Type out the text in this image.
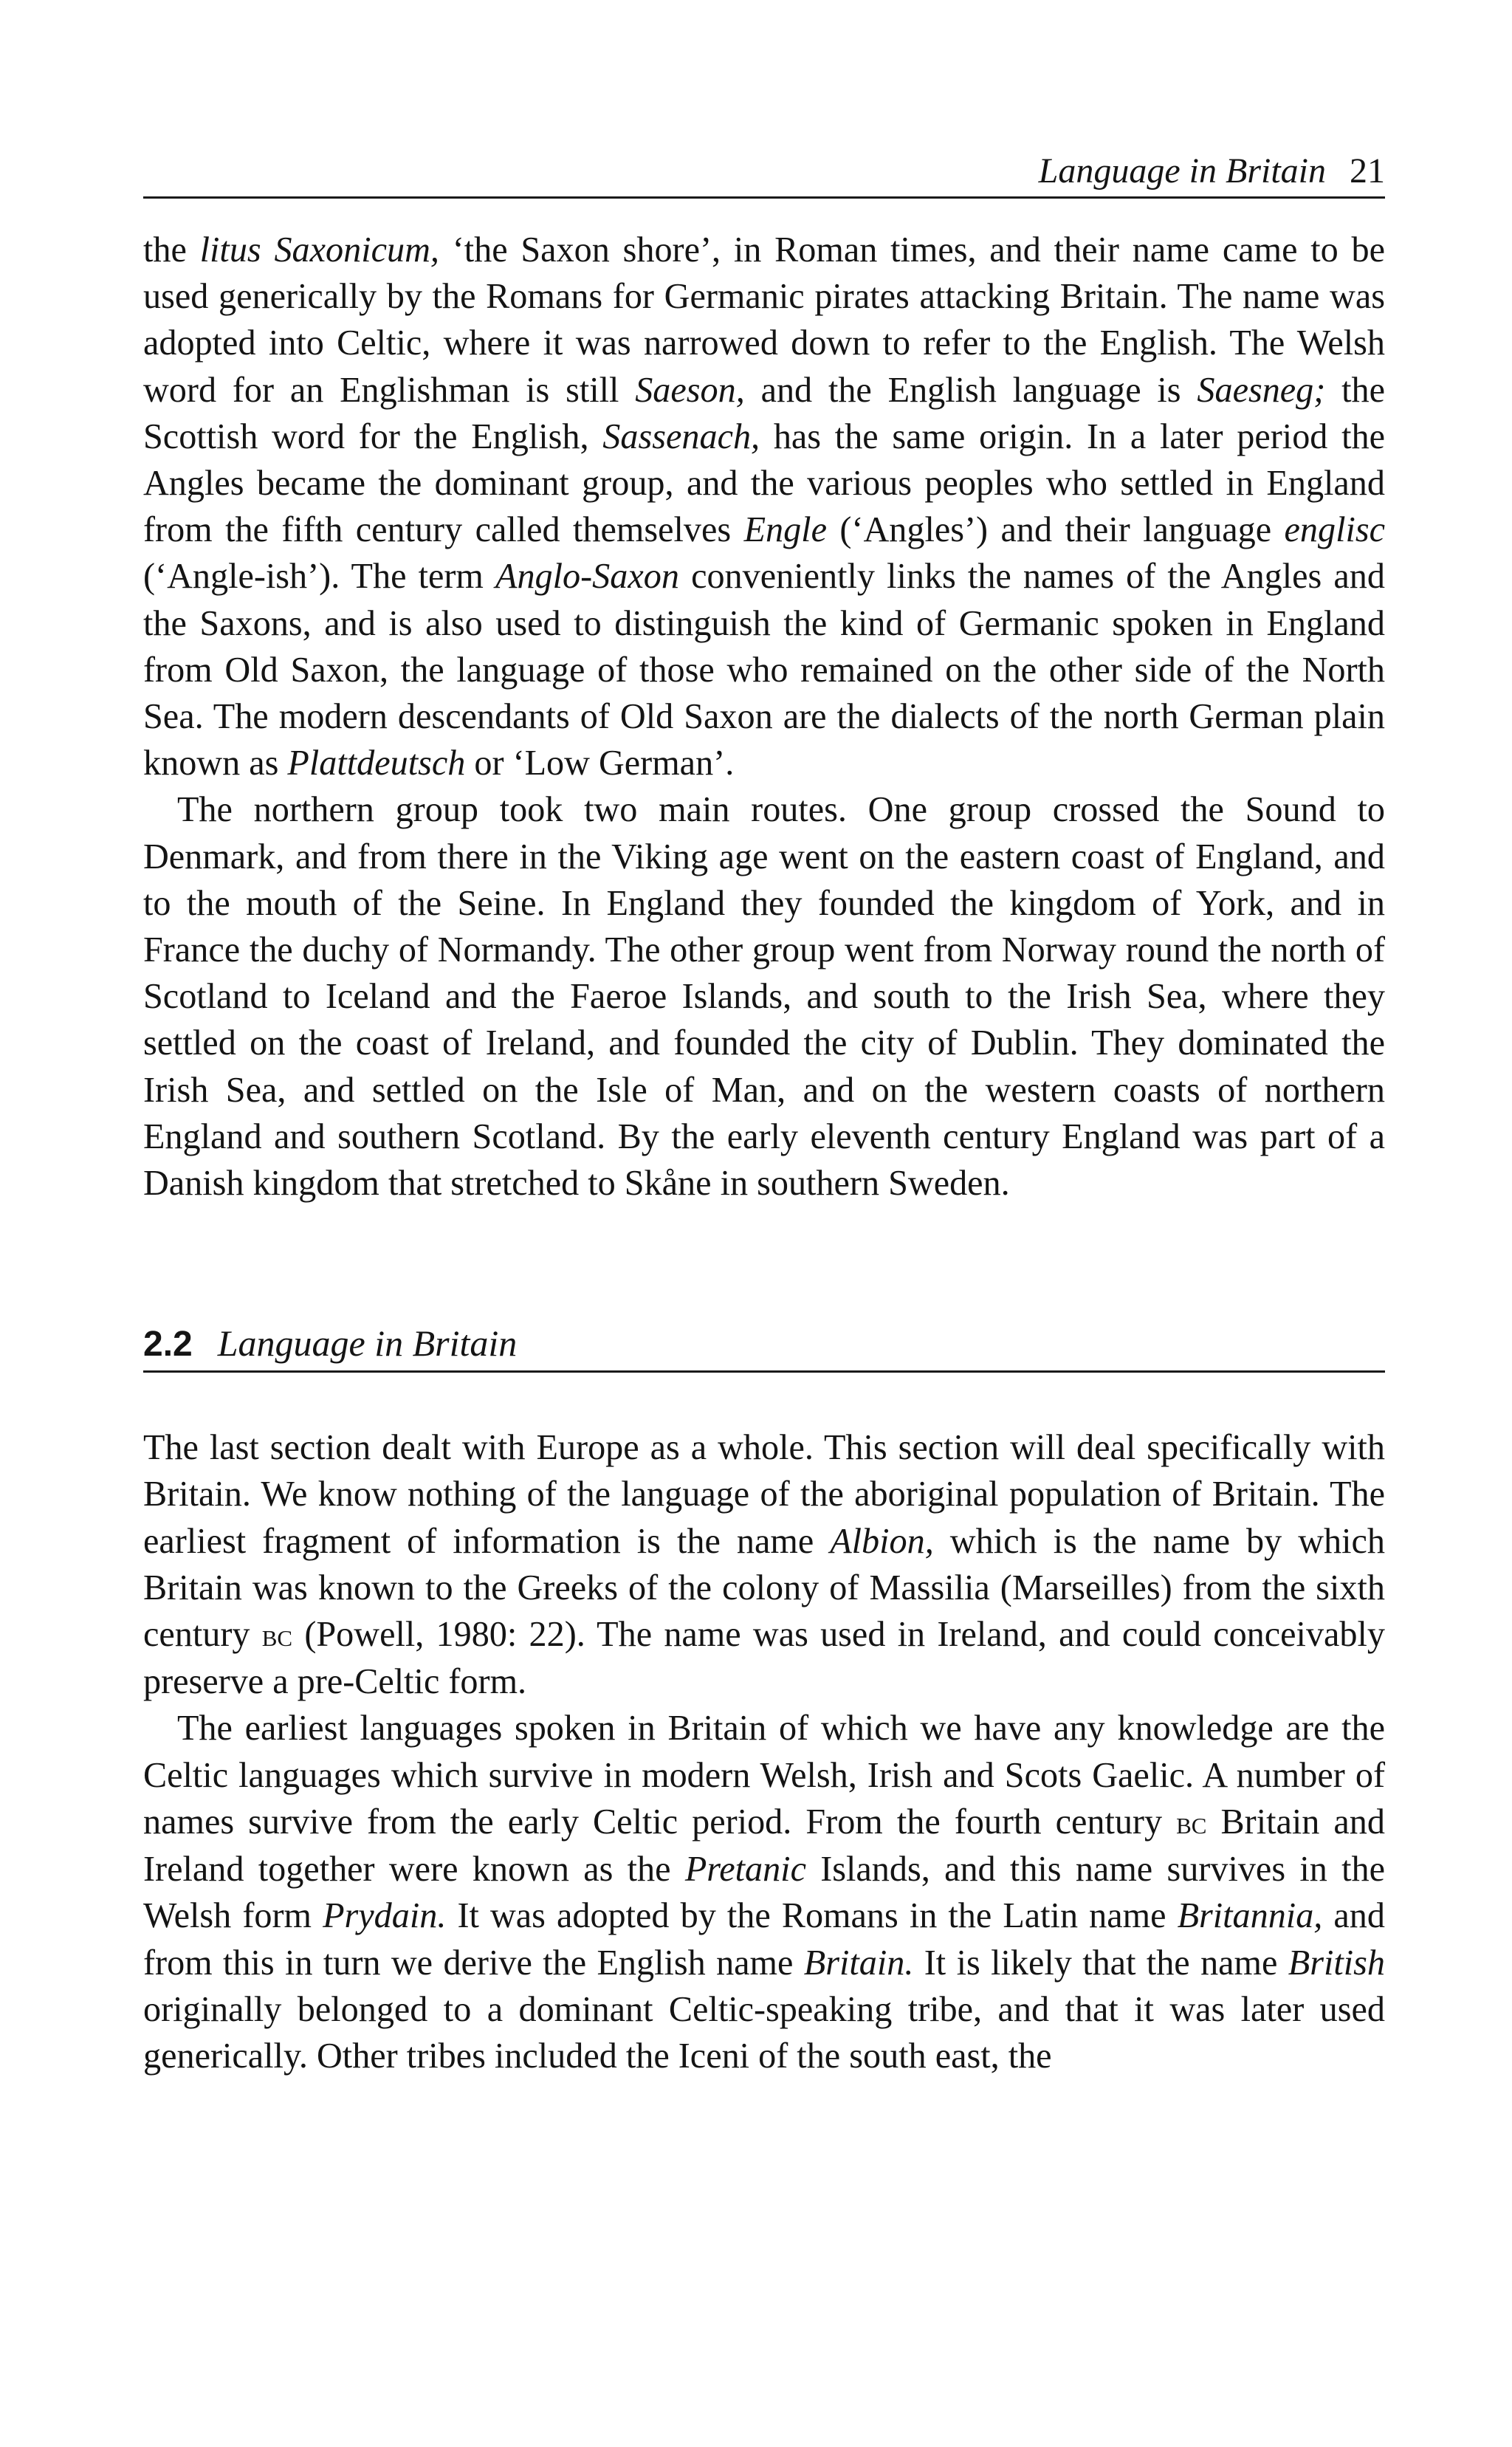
Language in Britain 21

the litus Saxonicum, ‘the Saxon shore’, in Roman times, and their name came to be used generically by the Romans for Germanic pirates attacking Britain. The name was adopted into Celtic, where it was narrowed down to refer to the English. The Welsh word for an Englishman is still Saeson, and the English language is Saesneg; the Scottish word for the English, Sassenach, has the same origin. In a later period the Angles became the dominant group, and the various peoples who settled in England from the fifth century called themselves Engle (‘Angles’) and their language englisc (‘Angle-ish’). The term Anglo-Saxon conveniently links the names of the Angles and the Saxons, and is also used to distinguish the kind of Germanic spoken in England from Old Saxon, the language of those who remained on the other side of the North Sea. The modern descendants of Old Saxon are the dialects of the north German plain known as Plattdeutsch or ‘Low German’.

The northern group took two main routes. One group crossed the Sound to Denmark, and from there in the Viking age went on the eastern coast of England, and to the mouth of the Seine. In England they founded the kingdom of York, and in France the duchy of Normandy. The other group went from Norway round the north of Scotland to Iceland and the Faeroe Islands, and south to the Irish Sea, where they settled on the coast of Ireland, and founded the city of Dublin. They dominated the Irish Sea, and settled on the Isle of Man, and on the western coasts of northern England and southern Scotland. By the early eleventh century England was part of a Danish kingdom that stretched to Skåne in southern Sweden.

2.2 Language in Britain

The last section dealt with Europe as a whole. This section will deal specifically with Britain. We know nothing of the language of the aboriginal population of Britain. The earliest fragment of information is the name Albion, which is the name by which Britain was known to the Greeks of the colony of Massilia (Marseilles) from the sixth century bc (Powell, 1980: 22). The name was used in Ireland, and could conceivably preserve a pre-Celtic form.

The earliest languages spoken in Britain of which we have any knowledge are the Celtic languages which survive in modern Welsh, Irish and Scots Gaelic. A number of names survive from the early Celtic period. From the fourth century bc Britain and Ireland together were known as the Pretanic Islands, and this name survives in the Welsh form Prydain. It was adopted by the Romans in the Latin name Britannia, and from this in turn we derive the English name Britain. It is likely that the name British originally belonged to a dominant Celtic-speaking tribe, and that it was later used generically. Other tribes included the Iceni of the south east, the
